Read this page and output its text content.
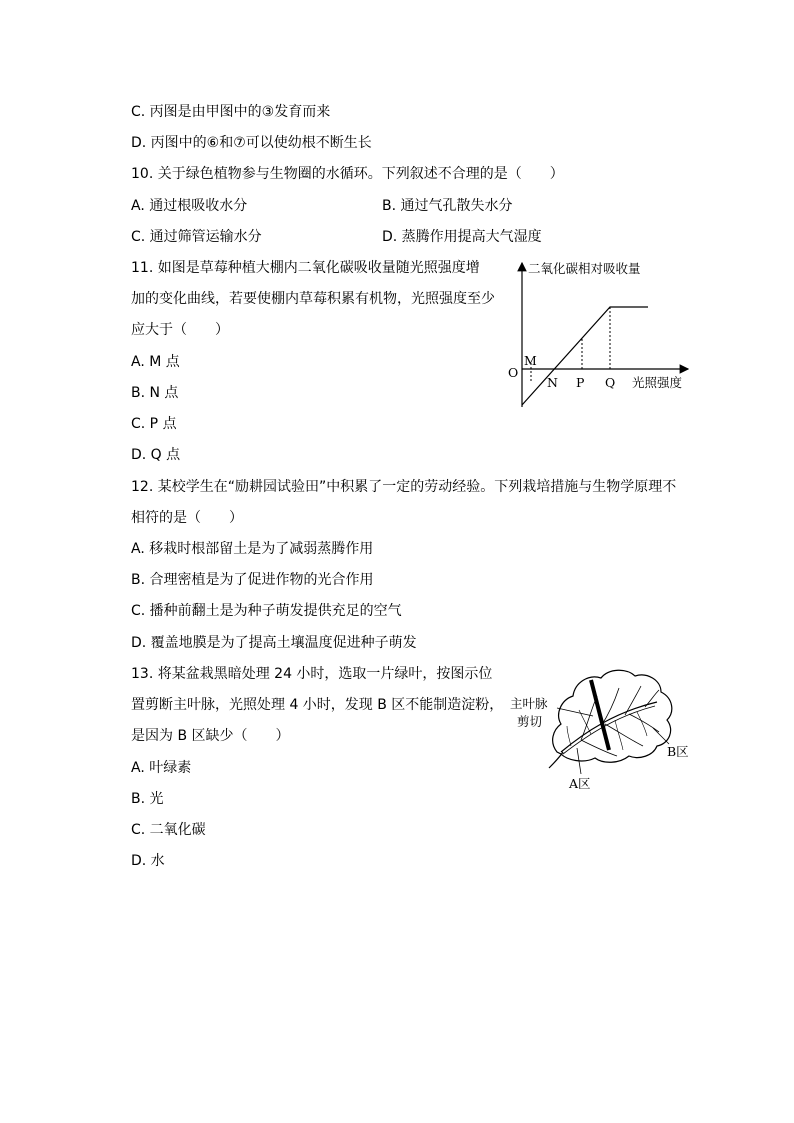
C. 丙图是由甲图中的③发育而来
D. 丙图中的⑥和⑦可以使幼根不断生长
10. 关于绿色植物参与生物圈的水循环。下列叙述不合理的是（　　）
A. 通过根吸收水分	B. 通过气孔散失水分
C. 通过筛管运输水分	D. 蒸腾作用提高大气湿度
11. 如图是草莓种植大棚内二氧化碳吸收量随光照强度增
加的变化曲线，若要使棚内草莓积累有机物，光照强度至少
应大于（　　）
A. M 点
B. N 点
C. P 点
D. Q 点
二氧化碳相对吸收量
光照强度
O
M
N P Q
12. 某校学生在“励耕园试验田”中积累了一定的劳动经验。下列栽培措施与生物学原理不
相符的是（　　）
A. 移栽时根部留土是为了减弱蒸腾作用
B. 合理密植是为了促进作物的光合作用
C. 播种前翻土是为种子萌发提供充足的空气
D. 覆盖地膜是为了提高土壤温度促进种子萌发
13. 将某盆栽黑暗处理 24 小时，选取一片绿叶，按图示位
置剪断主叶脉，光照处理 4 小时，发现 B 区不能制造淀粉，
是因为 B 区缺少（　　）
A. 叶绿素
B. 光
C. 二氧化碳
D. 水
主叶脉
剪切
A区
B区
